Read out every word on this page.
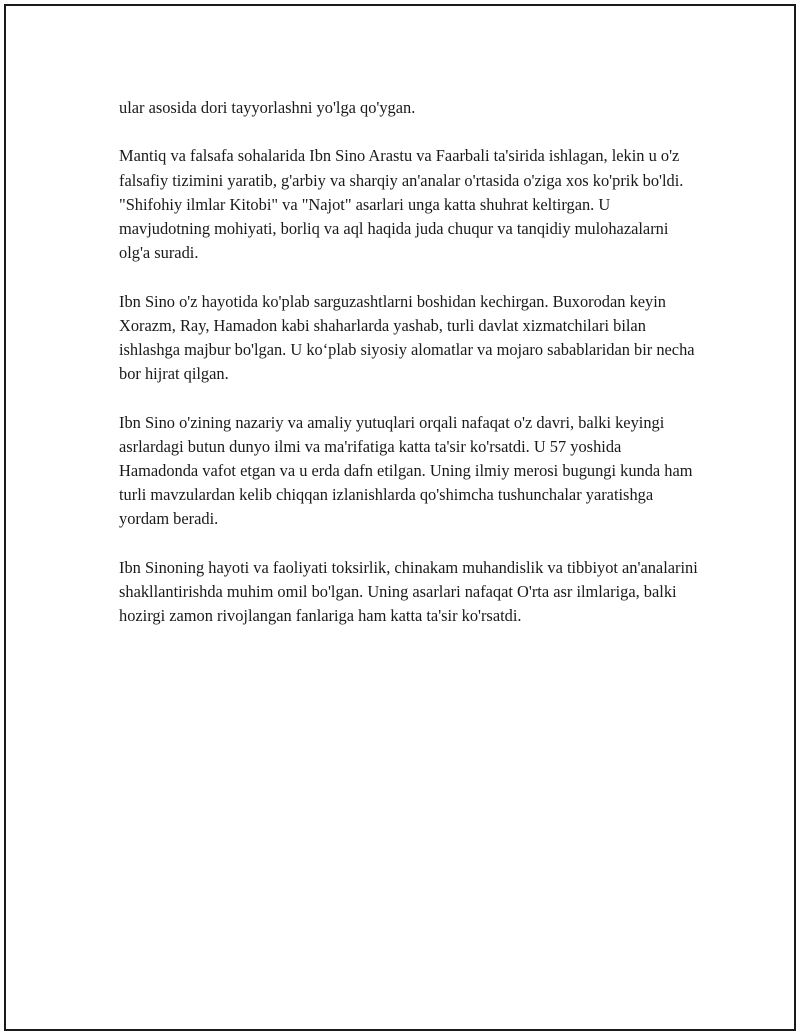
ular asosida dori tayyorlashni yo'lga qo'ygan.

Mantiq va falsafa sohalarida Ibn Sino Arastu va Faarbali ta'sirida ishlagan, lekin u o'z falsafiy tizimini yaratib, g'arbiy va sharqiy an'analar o'rtasida o'ziga xos ko'prik bo'ldi. "Shifohiy ilmlar Kitobi" va "Najot" asarlari unga katta shuhrat keltirgan. U mavjudotning mohiyati, borliq va aql haqida juda chuqur va tanqidiy mulohazalarni olg'a suradi.

Ibn Sino o'z hayotida ko'plab sarguzashtlarni boshidan kechirgan. Buxorodan keyin Xorazm, Ray, Hamadon kabi shaharlarda yashab, turli davlat xizmatchilari bilan ishlashga majbur bo'lgan. U ko‘plab siyosiy alomatlar va mojaro sabablaridan bir necha bor hijrat qilgan.

Ibn Sino o'zining nazariy va amaliy yutuqlari orqali nafaqat o'z davri, balki keyingi asrlardagi butun dunyo ilmi va ma'rifatiga katta ta'sir ko'rsatdi. U 57 yoshida Hamadonda vafot etgan va u erda dafn etilgan. Uning ilmiy merosi bugungi kunda ham turli mavzulardan kelib chiqqan izlanishlarda qo'shimcha tushunchalar yaratishga yordam beradi.

Ibn Sinoning hayoti va faoliyati toksirlik, chinakam muhandislik va tibbiyot an'analarini shakllantirishda muhim omil bo'lgan. Uning asarlari nafaqat O'rta asr ilmlariga, balki hozirgi zamon rivojlangan fanlariga ham katta ta'sir ko'rsatdi.
